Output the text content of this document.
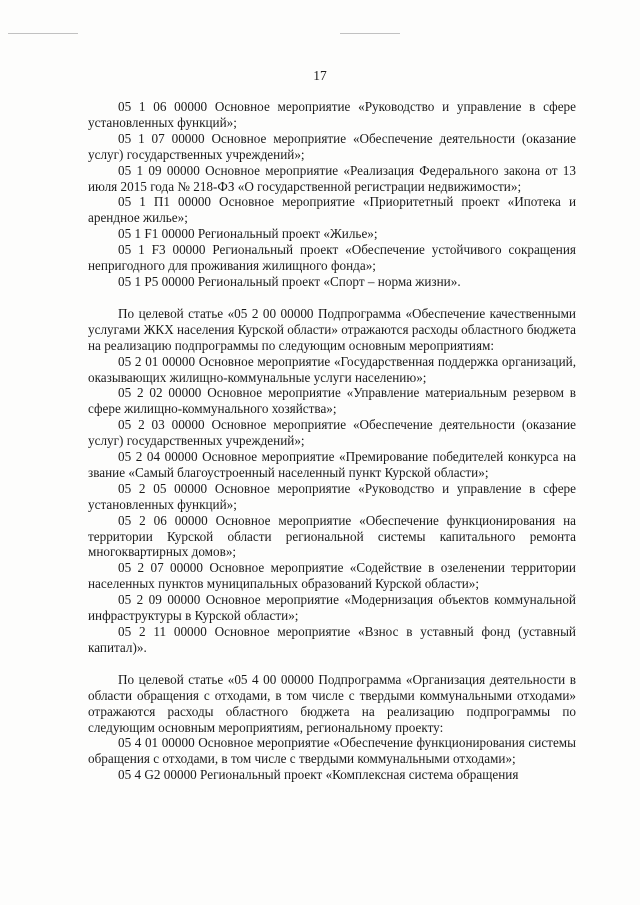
17

05 1 06 00000 Основное мероприятие «Руководство и управление в сфере установленных функций»;

05 1 07 00000 Основное мероприятие «Обеспечение деятельности (оказание услуг) государственных учреждений»;

05 1 09 00000 Основное мероприятие «Реализация Федерального закона от 13 июля 2015 года № 218-ФЗ «О государственной регистрации недвижимости»;

05 1 П1 00000 Основное мероприятие «Приоритетный проект «Ипотека и арендное жилье»;

05 1 F1 00000 Региональный проект «Жилье»;

05 1 F3 00000 Региональный проект «Обеспечение устойчивого сокращения непригодного для проживания жилищного фонда»;

05 1 P5 00000 Региональный проект «Спорт – норма жизни».

По целевой статье «05 2 00 00000 Подпрограмма «Обеспечение качественными услугами ЖКХ населения Курской области» отражаются расходы областного бюджета на реализацию подпрограммы по следующим основным мероприятиям:

05 2 01 00000 Основное мероприятие «Государственная поддержка организаций, оказывающих жилищно-коммунальные услуги населению»;

05 2 02 00000 Основное мероприятие «Управление материальным резервом в сфере жилищно-коммунального хозяйства»;

05 2 03 00000 Основное мероприятие «Обеспечение деятельности (оказание услуг) государственных учреждений»;

05 2 04 00000 Основное мероприятие «Премирование победителей конкурса на звание «Самый благоустроенный населенный пункт Курской области»;

05 2 05 00000 Основное мероприятие «Руководство и управление в сфере установленных функций»;

05 2 06 00000 Основное мероприятие «Обеспечение функционирования на территории Курской области региональной системы капитального ремонта многоквартирных домов»;

05 2 07 00000 Основное мероприятие «Содействие в озеленении территории населенных пунктов муниципальных образований Курской области»;

05 2 09 00000 Основное мероприятие «Модернизация объектов коммунальной инфраструктуры в Курской области»;

05 2 11 00000 Основное мероприятие «Взнос в уставный фонд (уставный капитал)».

По целевой статье «05 4 00 00000 Подпрограмма «Организация деятельности в области обращения с отходами, в том числе с твердыми коммунальными отходами» отражаются расходы областного бюджета на реализацию подпрограммы по следующим основным мероприятиям, региональному проекту:

05 4 01 00000 Основное мероприятие «Обеспечение функционирования системы обращения с отходами, в том числе с твердыми коммунальными отходами»;

05 4 G2 00000 Региональный проект «Комплексная система обращения
